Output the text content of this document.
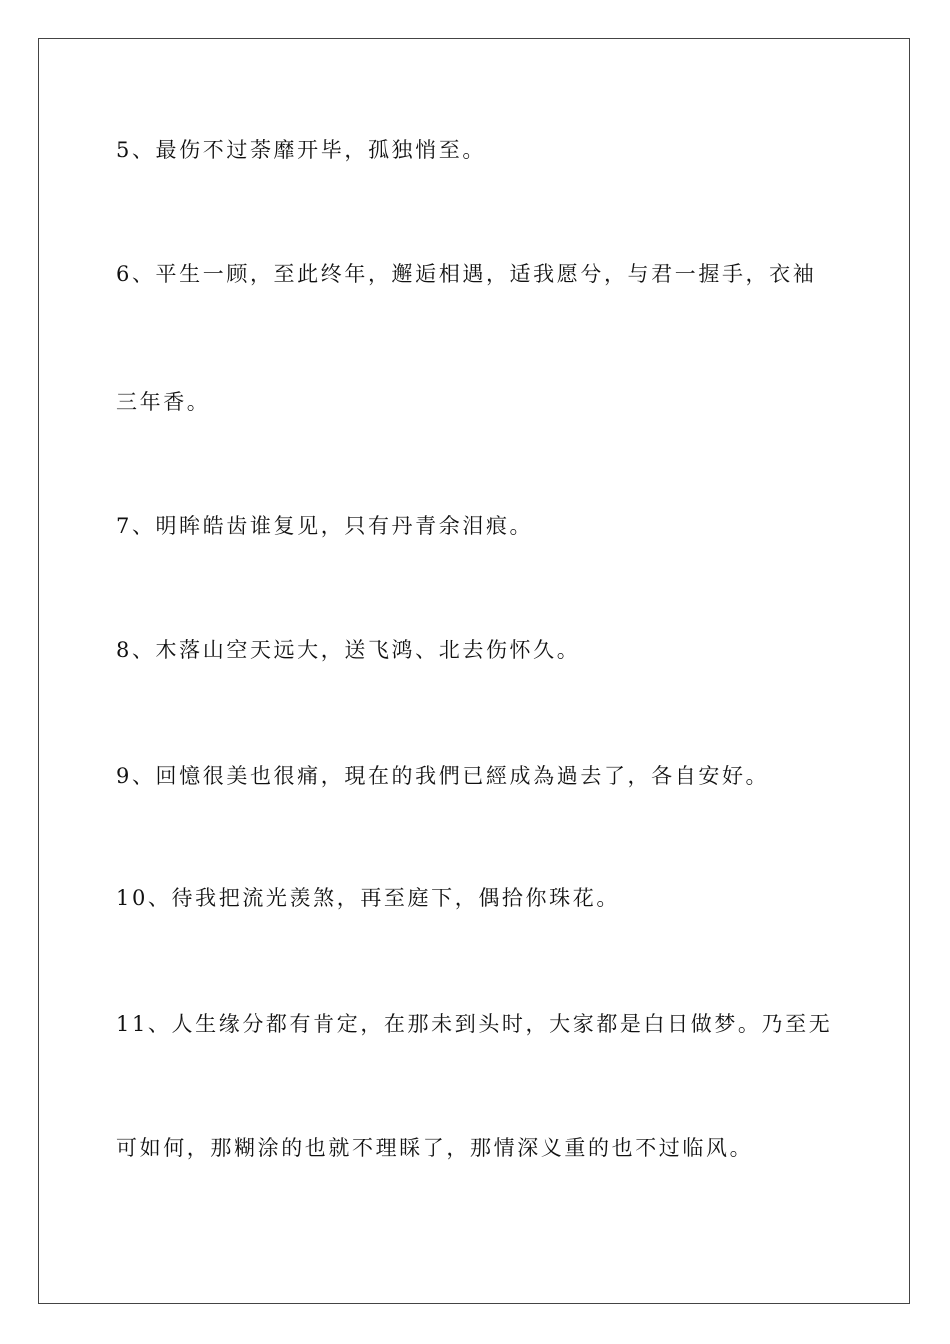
5、最伤不过荼靡开毕，孤独悄至。
6、平生一顾，至此终年，邂逅相遇，适我愿兮，与君一握手，衣袖
三年香。
7、明眸皓齿谁复见，只有丹青余泪痕。
8、木落山空天远大，送飞鸿、北去伤怀久。
9、回憶很美也很痛，現在的我們已經成為過去了，各自安好。
10、待我把流光羡煞，再至庭下，偶拾你珠花。
11、人生缘分都有肯定，在那未到头时，大家都是白日做梦。乃至无
可如何，那糊涂的也就不理睬了，那情深义重的也不过临风。
